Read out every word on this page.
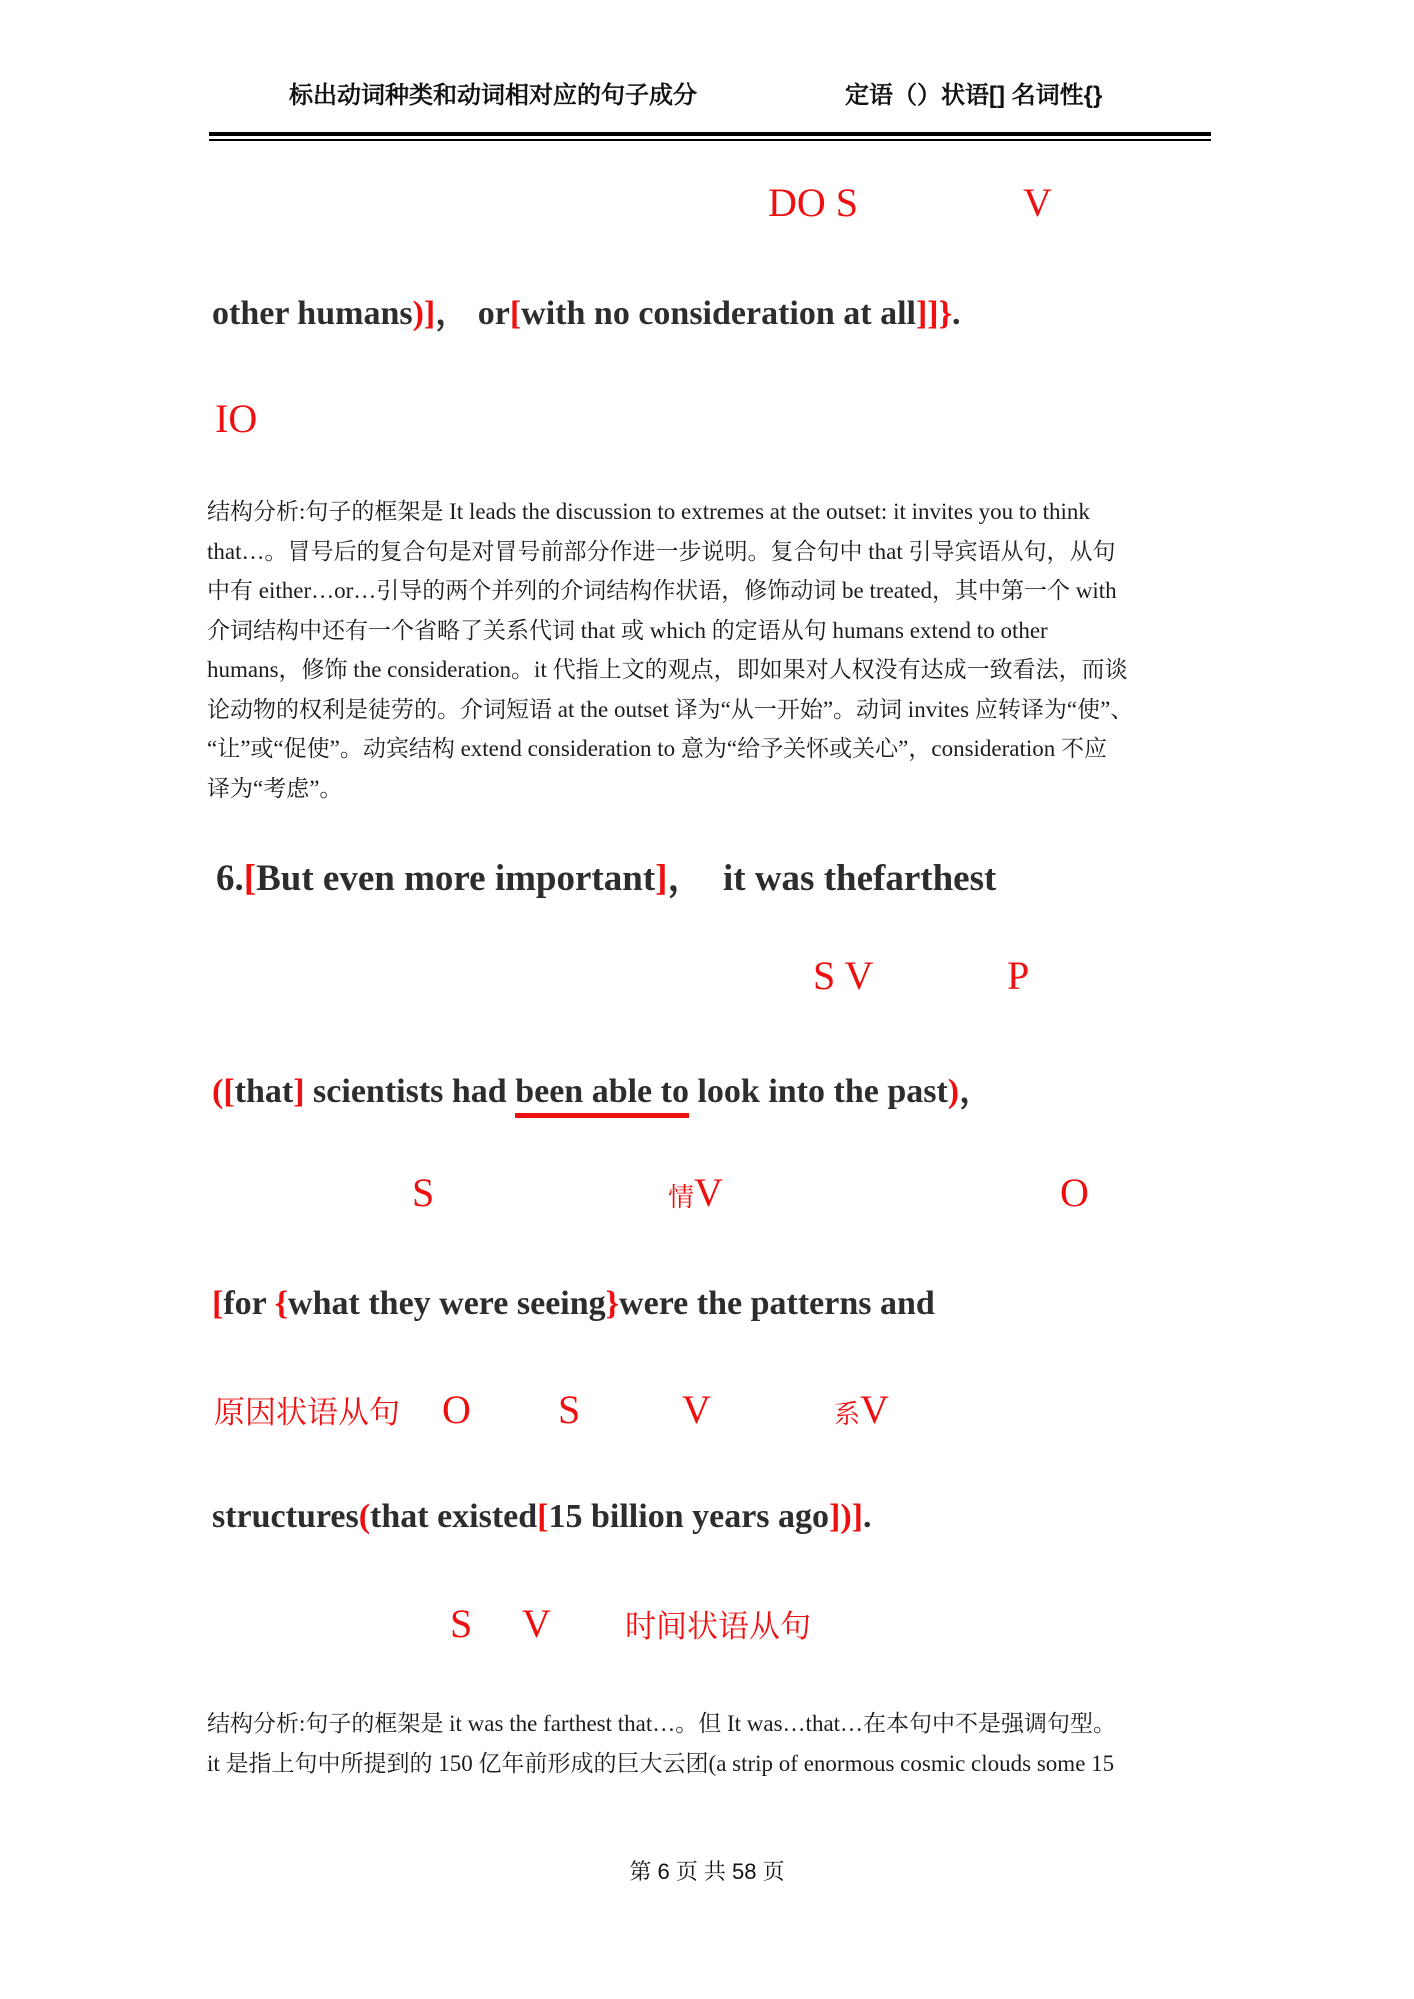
标出动词种类和动词相对应的句子成分	定语（）状语[] 名词性{}
DO S	V
other humans)]， or[with no consideration at all]]}.
IO
结构分析:句子的框架是 It leads the discussion to extremes at the outset: it invites you to think
that…。冒号后的复合句是对冒号前部分作进一步说明。复合句中 that 引导宾语从句，从句
中有 either…or…引导的两个并列的介词结构作状语，修饰动词 be treated，其中第一个 with
介词结构中还有一个省略了关系代词 that 或 which 的定语从句 humans extend to other
humans，修饰 the consideration。it 代指上文的观点，即如果对人权没有达成一致看法，而谈
论动物的权利是徒劳的。介词短语 at the outset 译为“从一开始”。动词 invites 应转译为“使”、
“让”或“促使”。动宾结构 extend consideration to 意为“给予关怀或关心”，consideration 不应
译为“考虑”。
6.[But even more important]，  it was thefarthest
S V	P
([that] scientists had been able to look into the past)，
S	情V	O
[for {what they were seeing}were the patterns and
原因状语从句 O S	V	系V
structures(that existed[15 billion years ago])].
S V 时间状语从句
结构分析:句子的框架是 it was the farthest that…。但 It was…that…在本句中不是强调句型。
it 是指上句中所提到的 150 亿年前形成的巨大云团(a strip of enormous cosmic clouds some 15
第 6 页 共 58 页
